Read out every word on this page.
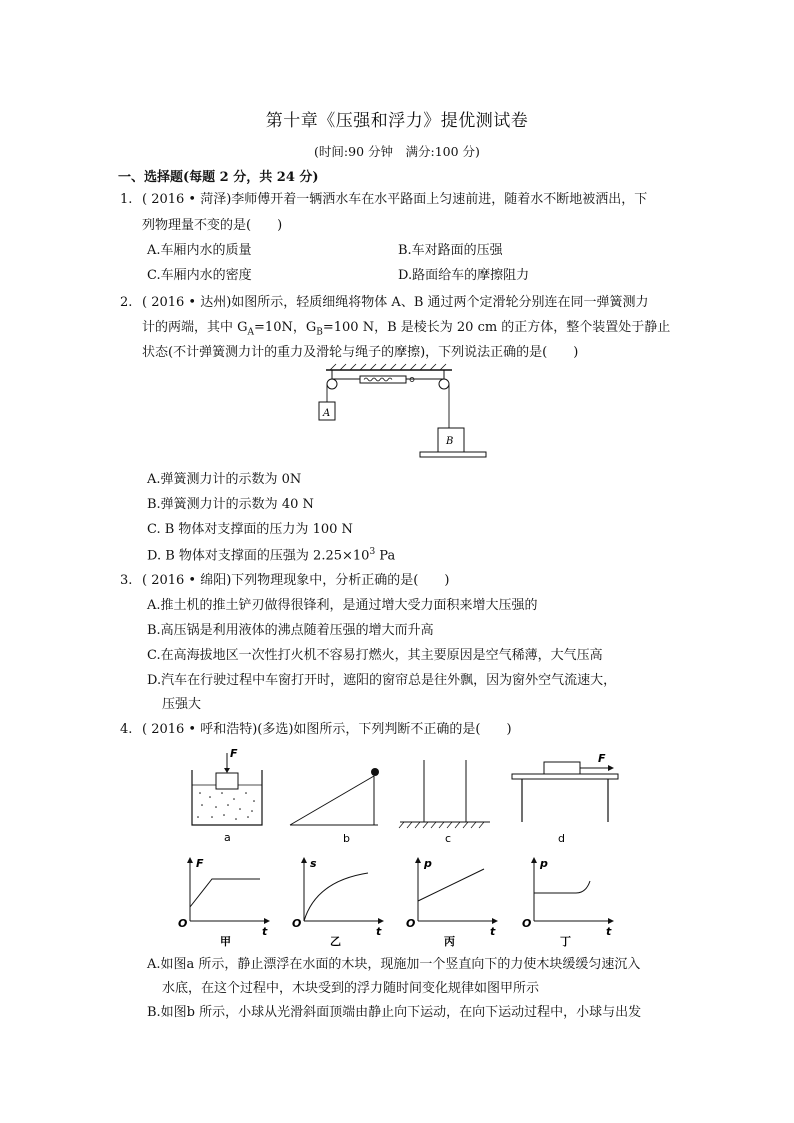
第十章《压强和浮力》提优测试卷
(时间:90 分钟　满分:100 分)
一、选择题(每题 2 分，共 24 分)
1. ( 2016 • 菏泽)李师傅开着一辆洒水车在水平路面上匀速前进，随着水不断地被洒出，下
列物理量不变的是(　　)
A.车厢内水的质量	B.车对路面的压强
C.车厢内水的密度	D.路面给车的摩擦阻力
2. ( 2016 • 达州)如图所示，轻质细绳将物体 A、B 通过两个定滑轮分别连在同一弹簧测力
计的两端，其中 $G_A=10N$，$G_B=100$ N，B 是棱长为 20 cm 的正方体，整个装置处于静止
状态(不计弹簧测力计的重力及滑轮与绳子的摩擦)，下列说法正确的是(　　)
A
B
A.弹簧测力计的示数为 0N
B.弹簧测力计的示数为 40 N
C. B 物体对支撑面的压力为 100 N
D. B 物体对支撑面的压强为 $2.25\times 10^3$ Pa
3. ( 2016 • 绵阳)下列物理现象中，分析正确的是(　　)
A.推土机的推土铲刃做得很锋利，是通过增大受力面积来增大压强的
B.高压锅是利用液体的沸点随着压强的增大而升高
C.在高海拔地区一次性打火机不容易打燃火，其主要原因是空气稀薄，大气压高
D.汽车在行驶过程中车窗打开时，遮阳的窗帘总是往外飘，因为窗外空气流速大，
压强大
4. ( 2016 • 呼和浩特)(多选)如图所示，下列判断不正确的是(　　)
F
a	b	c
F
d
F
t
O
甲
s
t
O
乙
p
t
O
丙
p
t
O
丁
A.如图a 所示，静止漂浮在水面的木块，现施加一个竖直向下的力使木块缓缓匀速沉入
水底，在这个过程中，木块受到的浮力随时间变化规律如图甲所示
B.如图b 所示，小球从光滑斜面顶端由静止向下运动，在向下运动过程中，小球与出发
